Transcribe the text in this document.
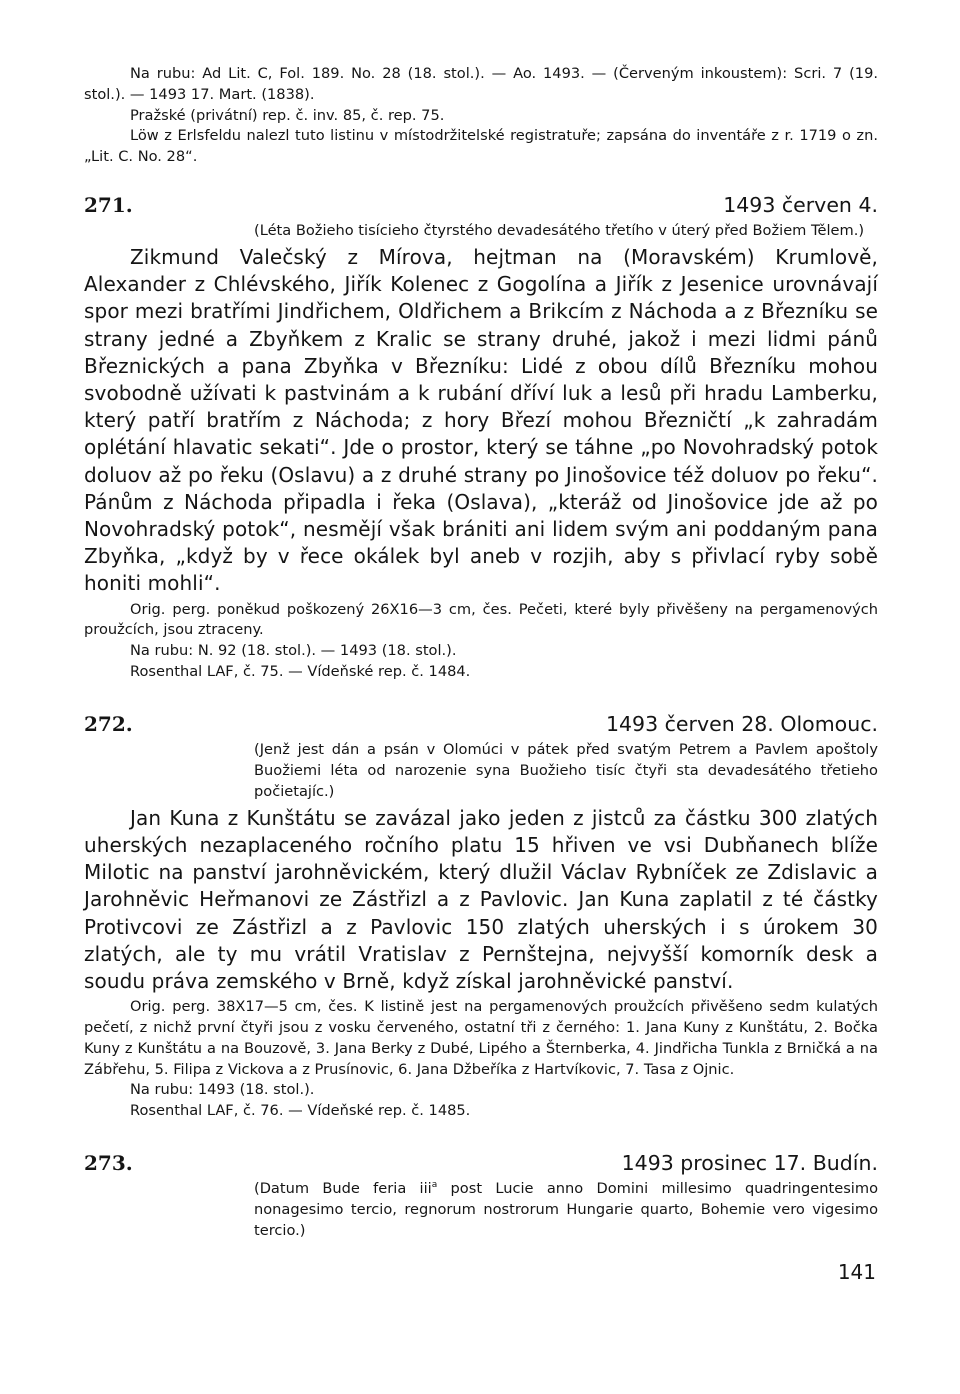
Na rubu: Ad Lit. C, Fol. 189. No. 28 (18. stol.). — Ao. 1493. — (Červeným inkoustem): Scri. 7 (19. stol.). — 1493 17. Mart. (1838).

Pražské (privátní) rep. č. inv. 85, č. rep. 75.

Löw z Erlsfeldu nalezl tuto listinu v místodržitelské registratuře; zapsána do inventáře z r. 1719 o zn. „Lit. C. No. 28“.

271.	1493 červen 4.

(Léta Božieho tisícieho čtyrstého devadesátého třetího v úterý před Božiem Tělem.)

Zikmund Valečský z Mírova, hejtman na (Moravském) Krumlově, Alexander z Chlévského, Jiřík Kolenec z Gogolína a Jiřík z Jesenice urovnávají spor mezi bratřími Jindřichem, Oldřichem a Brikcím z Náchoda a z Březníku se strany jedné a Zbyňkem z Kralic se strany druhé, jakož i mezi lidmi pánů Březnických a pana Zbyňka v Březníku: Lidé z obou dílů Březníku mohou svobodně užívati k pastvinám a k rubání dříví luk a lesů při hradu Lamberku, který patří bratřím z Náchoda; z hory Březí mohou Březničtí „k zahradám oplétání hlavatic sekati“. Jde o prostor, který se táhne „po Novohradský potok doluov až po řeku (Oslavu) a z druhé strany po Jinošovice též doluov po řeku“. Pánům z Náchoda připadla i řeka (Oslava), „kteráž od Jinošovice jde až po Novohradský potok“, nesmějí však brániti ani lidem svým ani poddaným pana Zbyňka, „když by v řece okálek byl aneb v rozjih, aby s přivlací ryby sobě honiti mohli“.

Orig. perg. poněkud poškozený 26X16—3 cm, čes. Pečeti, které byly přivěšeny na pergamenových proužcích, jsou ztraceny.

Na rubu: N. 92 (18. stol.). — 1493 (18. stol.).

Rosenthal LAF, č. 75. — Vídeňské rep. č. 1484.

272.	1493 červen 28. Olomouc.

(Jenž jest dán a psán v Olomúci v pátek před svatým Petrem a Pavlem apoštoly Buožiemi léta od narozenie syna Buožieho tisíc čtyři sta devadesátého třetieho počietajíc.)

Jan Kuna z Kunštátu se zavázal jako jeden z jistců za částku 300 zlatých uherských nezaplaceného ročního platu 15 hřiven ve vsi Dubňanech blíže Milotic na panství jarohněvickém, který dlužil Václav Rybníček ze Zdislavic a Jarohněvic Heřmanovi ze Zástřizl a z Pavlovic. Jan Kuna zaplatil z té částky Protivcovi ze Zástřizl a z Pavlovic 150 zlatých uherských i s úrokem 30 zlatých, ale ty mu vrátil Vratislav z Pernštejna, nejvyšší komorník desk a soudu práva zemského v Brně, když získal jarohněvické panství.

Orig. perg. 38X17—5 cm, čes. K listině jest na pergamenových proužcích přivěšeno sedm kulatých pečetí, z nichž první čtyři jsou z vosku červeného, ostatní tři z černého: 1. Jana Kuny z Kunštátu, 2. Bočka Kuny z Kunštátu a na Bouzově, 3. Jana Berky z Dubé, Lipého a Šternberka, 4. Jindřicha Tunkla z Brničká a na Zábřehu, 5. Filipa z Vickova a z Prusínovic, 6. Jana Džbeříka z Hartvíkovic, 7. Tasa z Ojnic.

Na rubu: 1493 (18. stol.).

Rosenthal LAF, č. 76. — Vídeňské rep. č. 1485.

273.	1493 prosinec 17. Budín.

(Datum Bude feria iii$^a$ post Lucie anno Domini millesimo quadringentesimo nonagesimo tercio, regnorum nostrorum Hungarie quarto, Bohemie vero vigesimo tercio.)

141
